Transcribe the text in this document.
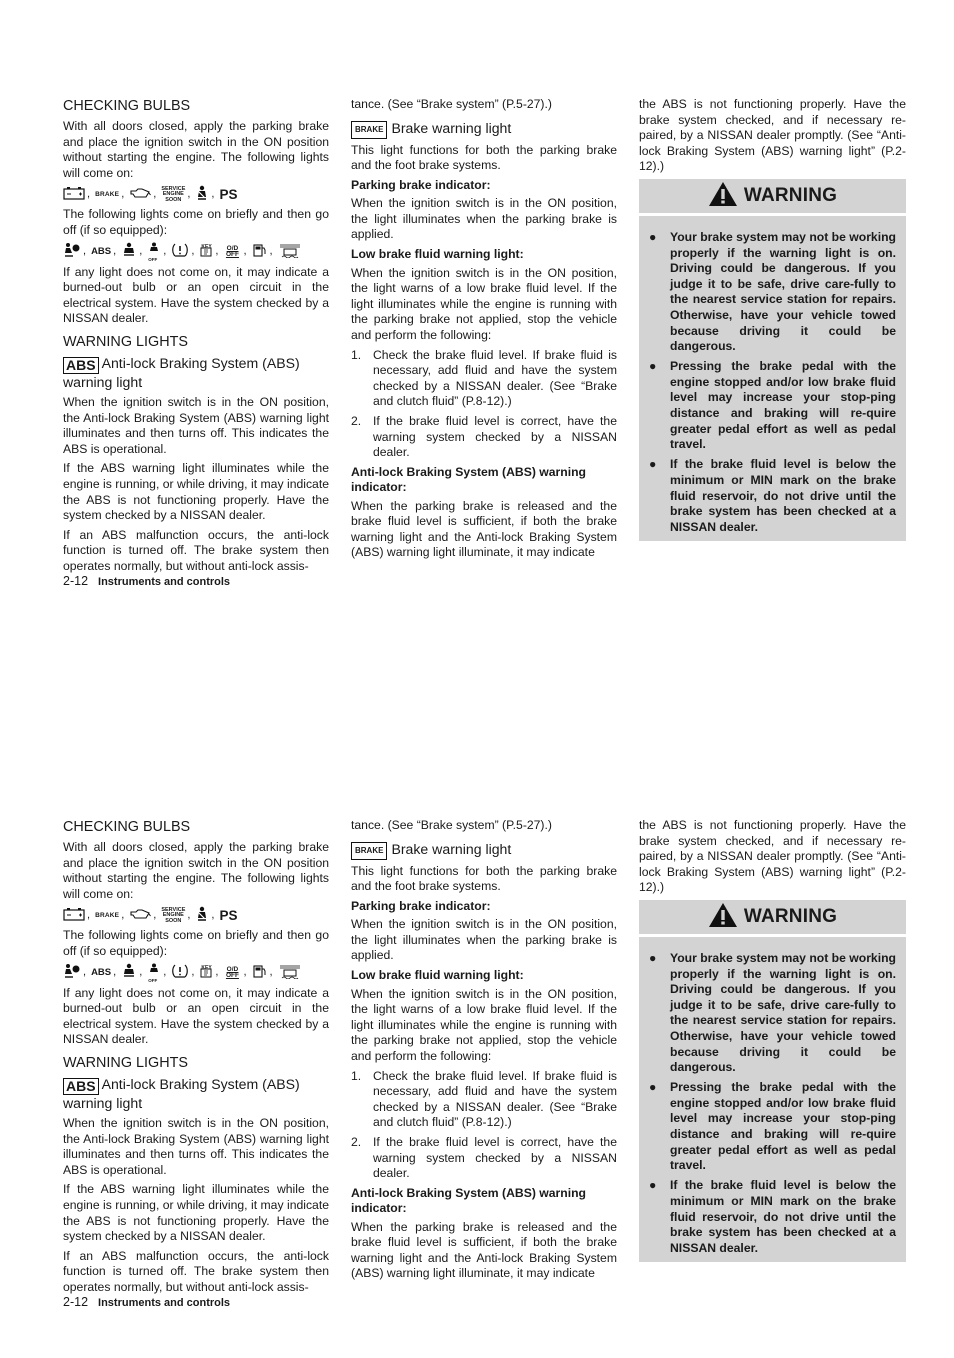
CHECKING BULBS

With all doors closed, apply the parking brake and place the ignition switch in the ON position without starting the engine. The following lights will come on:

, BRAKE ,	, SERVICE ENGINE SOON , , PS

The following lights come on briefly and then go off (if so equipped):

, ABS , ,
OFF
, , KEY ,	O/D OFF , ,

If any light does not come on, it may indicate a burned-out bulb or an open circuit in the electrical system. Have the system checked by a NISSAN dealer.

WARNING LIGHTS
ABS Anti-lock Braking System (ABS) warning light

When the ignition switch is in the ON position, the Anti-lock Braking System (ABS) warning light illuminates and then turns off. This indicates the ABS is operational.

If the ABS warning light illuminates while the engine is running, or while driving, it may indicate the ABS is not functioning properly. Have the system checked by a NISSAN dealer.

If an ABS malfunction occurs, the anti-lock function is turned off. The brake system then operates normally, but without anti-lock assis-

tance. (See “Brake system” (P.5-27).)

BRAKE Brake warning light

This light functions for both the parking brake and the foot brake systems.

Parking brake indicator:

When the ignition switch is in the ON position, the light illuminates when the parking brake is applied.

Low brake fluid warning light:

When the ignition switch is in the ON position, the light warns of a low brake fluid level. If the light illuminates while the engine is running with the parking brake not applied, stop the vehicle and perform the following:

1. Check the brake fluid level. If brake fluid is necessary, add fluid and have the system checked by a NISSAN dealer. (See “Brake and clutch fluid” (P.8-12).)
2. If the brake fluid level is correct, have the warning system checked by a NISSAN dealer.
Anti-lock Braking System (ABS) warning indicator:

When the parking brake is released and the brake fluid level is sufficient, if both the brake warning light and the Anti-lock Braking System (ABS) warning light illuminate, it may indicate

the ABS is not functioning properly. Have the brake system checked, and if necessary re-paired, by a NISSAN dealer promptly. (See “Anti-lock Braking System (ABS) warning light” (P.2-12).)

WARNING
● Your brake system may not be working properly if the warning light is on. Driving could be dangerous. If you judge it to be safe, drive care-fully to the nearest service station for repairs. Otherwise, have your vehicle towed because driving it could be dangerous.
● Pressing the brake pedal with the engine stopped and/or low brake fluid level may increase your stop-ping distance and braking will re-quire greater pedal effort as well as pedal travel.
● If the brake fluid level is below the minimum or MIN mark on the brake fluid reservoir, do not drive until the brake system has been checked at a NISSAN dealer.
2-12 Instruments and controls
CHECKING BULBS

With all doors closed, apply the parking brake and place the ignition switch in the ON position without starting the engine. The following lights will come on:

, BRAKE ,	, SERVICE ENGINE SOON , , PS

The following lights come on briefly and then go off (if so equipped):

, ABS , ,
OFF
, , KEY ,	O/D OFF , ,

If any light does not come on, it may indicate a burned-out bulb or an open circuit in the electrical system. Have the system checked by a NISSAN dealer.

WARNING LIGHTS
ABS Anti-lock Braking System (ABS) warning light

When the ignition switch is in the ON position, the Anti-lock Braking System (ABS) warning light illuminates and then turns off. This indicates the ABS is operational.

If the ABS warning light illuminates while the engine is running, or while driving, it may indicate the ABS is not functioning properly. Have the system checked by a NISSAN dealer.

If an ABS malfunction occurs, the anti-lock function is turned off. The brake system then operates normally, but without anti-lock assis-

tance. (See “Brake system” (P.5-27).)

BRAKE Brake warning light

This light functions for both the parking brake and the foot brake systems.

Parking brake indicator:

When the ignition switch is in the ON position, the light illuminates when the parking brake is applied.

Low brake fluid warning light:

When the ignition switch is in the ON position, the light warns of a low brake fluid level. If the light illuminates while the engine is running with the parking brake not applied, stop the vehicle and perform the following:

1. Check the brake fluid level. If brake fluid is necessary, add fluid and have the system checked by a NISSAN dealer. (See “Brake and clutch fluid” (P.8-12).)
2. If the brake fluid level is correct, have the warning system checked by a NISSAN dealer.
Anti-lock Braking System (ABS) warning indicator:

When the parking brake is released and the brake fluid level is sufficient, if both the brake warning light and the Anti-lock Braking System (ABS) warning light illuminate, it may indicate

the ABS is not functioning properly. Have the brake system checked, and if necessary re-paired, by a NISSAN dealer promptly. (See “Anti-lock Braking System (ABS) warning light” (P.2-12).)

WARNING
● Your brake system may not be working properly if the warning light is on. Driving could be dangerous. If you judge it to be safe, drive care-fully to the nearest service station for repairs. Otherwise, have your vehicle towed because driving it could be dangerous.
● Pressing the brake pedal with the engine stopped and/or low brake fluid level may increase your stop-ping distance and braking will re-quire greater pedal effort as well as pedal travel.
● If the brake fluid level is below the minimum or MIN mark on the brake fluid reservoir, do not drive until the brake system has been checked at a NISSAN dealer.
2-12 Instruments and controls
